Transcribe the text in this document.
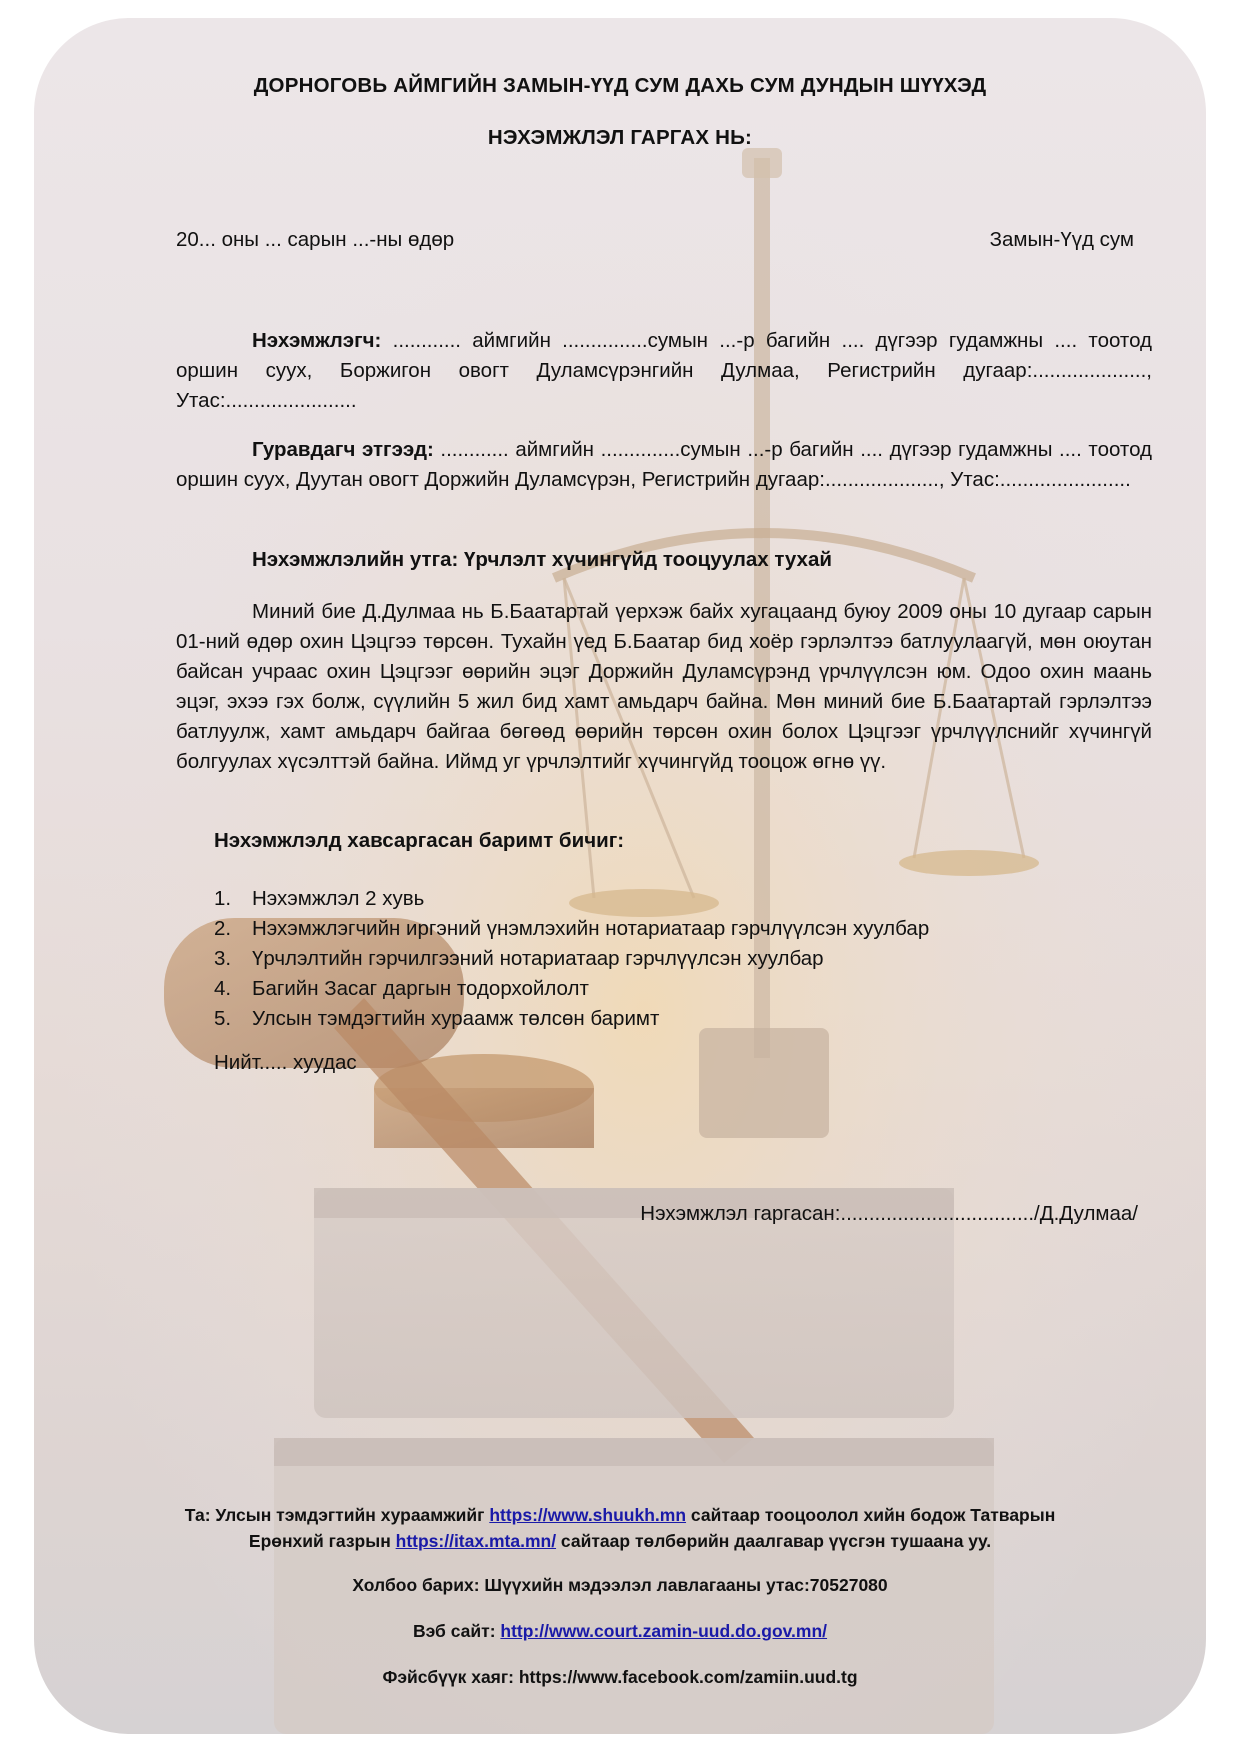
ДОРНОГОВЬ АЙМГИЙН ЗАМЫН-ҮҮД СУМ ДАХЬ СУМ ДУНДЫН ШҮҮХЭД
НЭХЭМЖЛЭЛ ГАРГАХ НЬ:
20... оны ... сарын ...-ны өдөр	Замын-Үүд сум
Нэхэмжлэгч: ............ аймгийн ...............сумын ...-р багийн .... дүгээр гудамжны .... тоотод оршин суух, Боржигон овогт Дуламсүрэнгийн Дулмаа, Регистрийн дугаар:...................., Утас:.......................
Гуравдагч этгээд: ............ аймгийн ..............сумын ...-р багийн .... дүгээр гудамжны .... тоотод оршин суух, Дуутан овогт Доржийн Дуламсүрэн, Регистрийн дугаар:...................., Утас:.......................
Нэхэмжлэлийн утга: Үрчлэлт хүчингүйд тооцуулах тухай
Миний бие Д.Дулмаа нь Б.Баатартай үерхэж байх хугацаанд буюу 2009 оны 10 дугаар сарын 01-ний өдөр охин Цэцгээ төрсөн. Тухайн үед Б.Баатар бид хоёр гэрлэлтээ батлуулаагүй, мөн оюутан байсан учраас охин Цэцгээг өөрийн эцэг Доржийн Дуламсүрэнд үрчлүүлсэн юм. Одоо охин маань эцэг, эхээ гэх болж, сүүлийн 5 жил бид хамт амьдарч байна. Мөн миний бие Б.Баатартай гэрлэлтээ батлуулж, хамт амьдарч байгаа бөгөөд өөрийн төрсөн охин болох Цэцгээг үрчлүүлснийг хүчингүй болгуулах хүсэлттэй байна. Иймд уг үрчлэлтийг хүчингүйд тооцож өгнө үү.
Нэхэмжлэлд хавсаргасан баримт бичиг:
1. Нэхэмжлэл 2 хувь
2. Нэхэмжлэгчийн иргэний үнэмлэхийн нотариатаар гэрчлүүлсэн хуулбар
3. Үрчлэлтийн гэрчилгээний нотариатаар гэрчлүүлсэн хуулбар
4. Багийн Засаг даргын тодорхойлолт
5. Улсын тэмдэгтийн хураамж төлсөн баримт
Нийт..... хуудас
Нэхэмжлэл гаргасан:................................../Д.Дулмаа/
Та: Улсын тэмдэгтийн хураамжийг https://www.shuukh.mn сайтаар тооцоолол хийн бодож Татварын
Ерөнхий газрын https://itax.mta.mn/ сайтаар төлбөрийн даалгавар үүсгэн тушаана уу.
Холбоо барих: Шүүхийн мэдээлэл лавлагааны утас:70527080
Вэб сайт: http://www.court.zamin-uud.do.gov.mn/
Фэйсбүүк хаяг: https://www.facebook.com/zamiin.uud.tg
